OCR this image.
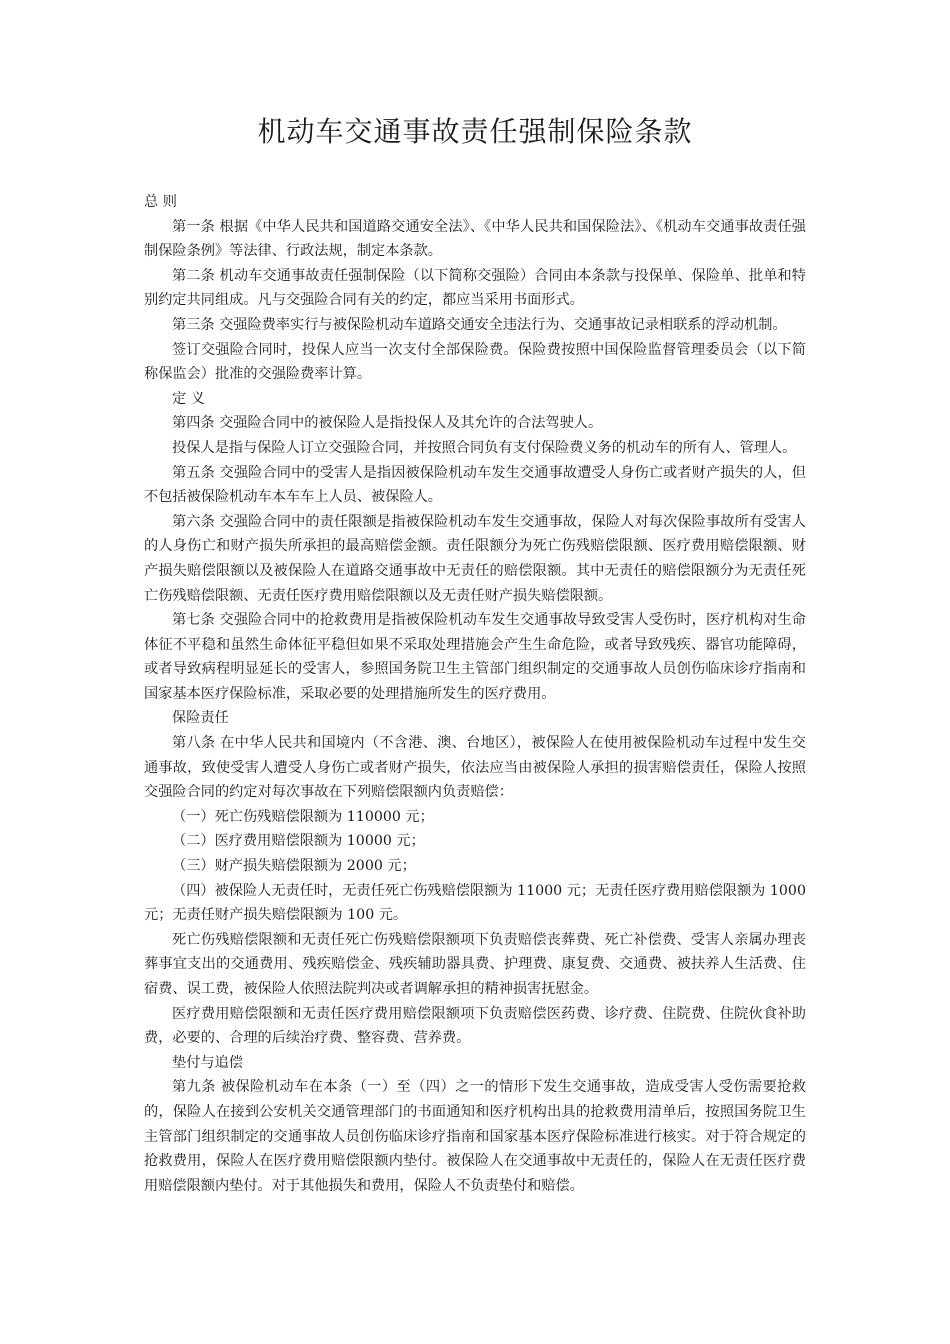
机动车交通事故责任强制保险条款

总 则

第一条 根据《中华人民共和国道路交通安全法》、《中华人民共和国保险法》、《机动车交通事故责任强制保险条例》等法律、行政法规，制定本条款。

第二条 机动车交通事故责任强制保险（以下简称交强险）合同由本条款与投保单、保险单、批单和特别约定共同组成。凡与交强险合同有关的约定，都应当采用书面形式。

第三条 交强险费率实行与被保险机动车道路交通安全违法行为、交通事故记录相联系的浮动机制。

签订交强险合同时，投保人应当一次支付全部保险费。保险费按照中国保险监督管理委员会（以下简称保监会）批准的交强险费率计算。

定 义

第四条 交强险合同中的被保险人是指投保人及其允许的合法驾驶人。

投保人是指与保险人订立交强险合同，并按照合同负有支付保险费义务的机动车的所有人、管理人。

第五条 交强险合同中的受害人是指因被保险机动车发生交通事故遭受人身伤亡或者财产损失的人，但不包括被保险机动车本车车上人员、被保险人。

第六条 交强险合同中的责任限额是指被保险机动车发生交通事故，保险人对每次保险事故所有受害人的人身伤亡和财产损失所承担的最高赔偿金额。责任限额分为死亡伤残赔偿限额、医疗费用赔偿限额、财产损失赔偿限额以及被保险人在道路交通事故中无责任的赔偿限额。其中无责任的赔偿限额分为无责任死亡伤残赔偿限额、无责任医疗费用赔偿限额以及无责任财产损失赔偿限额。

第七条 交强险合同中的抢救费用是指被保险机动车发生交通事故导致受害人受伤时，医疗机构对生命体征不平稳和虽然生命体征平稳但如果不采取处理措施会产生生命危险，或者导致残疾、器官功能障碍，或者导致病程明显延长的受害人，参照国务院卫生主管部门组织制定的交通事故人员创伤临床诊疗指南和国家基本医疗保险标准，采取必要的处理措施所发生的医疗费用。

保险责任

第八条 在中华人民共和国境内（不含港、澳、台地区），被保险人在使用被保险机动车过程中发生交通事故，致使受害人遭受人身伤亡或者财产损失，依法应当由被保险人承担的损害赔偿责任，保险人按照交强险合同的约定对每次事故在下列赔偿限额内负责赔偿：

（一）死亡伤残赔偿限额为 110000 元；

（二）医疗费用赔偿限额为 10000 元；

（三）财产损失赔偿限额为 2000 元；

（四）被保险人无责任时，无责任死亡伤残赔偿限额为 11000 元；无责任医疗费用赔偿限额为 1000 元；无责任财产损失赔偿限额为 100 元。

死亡伤残赔偿限额和无责任死亡伤残赔偿限额项下负责赔偿丧葬费、死亡补偿费、受害人亲属办理丧葬事宜支出的交通费用、残疾赔偿金、残疾辅助器具费、护理费、康复费、交通费、被扶养人生活费、住宿费、误工费，被保险人依照法院判决或者调解承担的精神损害抚慰金。

医疗费用赔偿限额和无责任医疗费用赔偿限额项下负责赔偿医药费、诊疗费、住院费、住院伙食补助费，必要的、合理的后续治疗费、整容费、营养费。

垫付与追偿

第九条 被保险机动车在本条（一）至（四）之一的情形下发生交通事故，造成受害人受伤需要抢救的，保险人在接到公安机关交通管理部门的书面通知和医疗机构出具的抢救费用清单后，按照国务院卫生主管部门组织制定的交通事故人员创伤临床诊疗指南和国家基本医疗保险标准进行核实。对于符合规定的抢救费用，保险人在医疗费用赔偿限额内垫付。被保险人在交通事故中无责任的，保险人在无责任医疗费用赔偿限额内垫付。对于其他损失和费用，保险人不负责垫付和赔偿。
